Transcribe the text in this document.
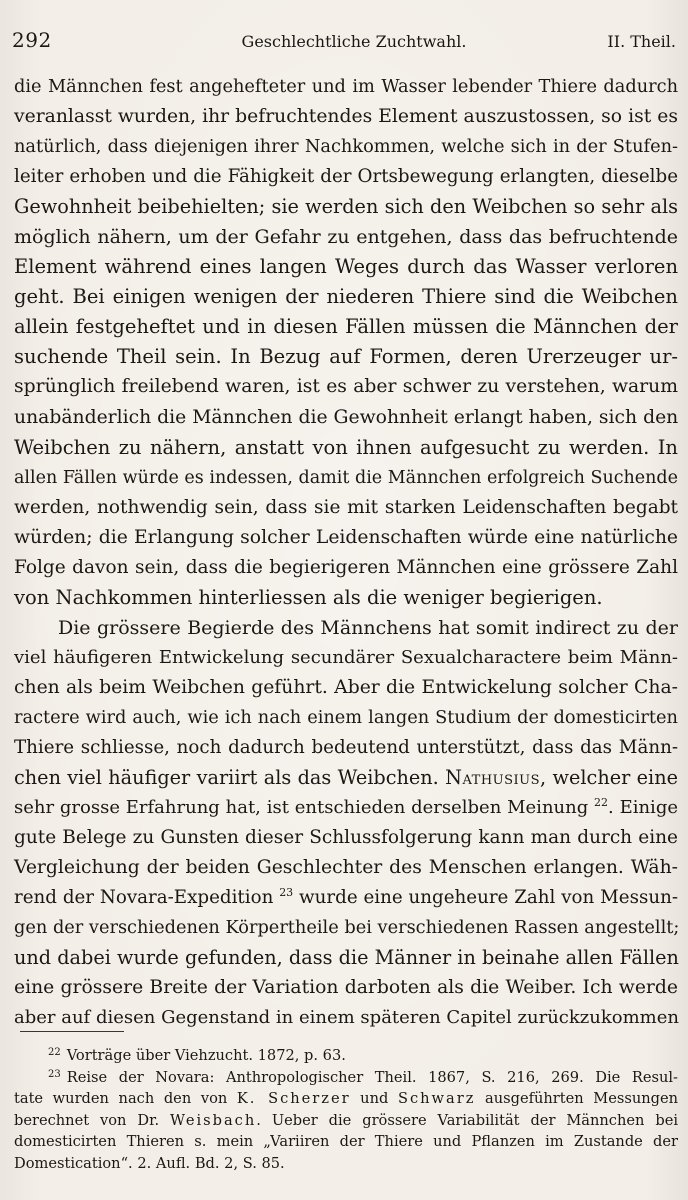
292	Geschlechtliche Zuchtwahl.	II. Theil.
die Männchen fest angehefteter und im Wasser lebender Thiere dadurch
veranlasst wurden, ihr befruchtendes Element auszustossen, so ist es
natürlich, dass diejenigen ihrer Nachkommen, welche sich in der Stufen-
leiter erhoben und die Fähigkeit der Ortsbewegung erlangten, dieselbe
Gewohnheit beibehielten; sie werden sich den Weibchen so sehr als
möglich nähern, um der Gefahr zu entgehen, dass das befruchtende
Element während eines langen Weges durch das Wasser verloren
geht. Bei einigen wenigen der niederen Thiere sind die Weibchen
allein festgeheftet und in diesen Fällen müssen die Männchen der
suchende Theil sein. In Bezug auf Formen, deren Urerzeuger ur-
sprünglich freilebend waren, ist es aber schwer zu verstehen, warum
unabänderlich die Männchen die Gewohnheit erlangt haben, sich den
Weibchen zu nähern, anstatt von ihnen aufgesucht zu werden. In
allen Fällen würde es indessen, damit die Männchen erfolgreich Suchende
werden, nothwendig sein, dass sie mit starken Leidenschaften begabt
würden; die Erlangung solcher Leidenschaften würde eine natürliche
Folge davon sein, dass die begierigeren Männchen eine grössere Zahl
von Nachkommen hinterliessen als die weniger begierigen.
Die grössere Begierde des Männchens hat somit indirect zu der
viel häufigeren Entwickelung secundärer Sexualcharactere beim Männ-
chen als beim Weibchen geführt. Aber die Entwickelung solcher Cha-
ractere wird auch, wie ich nach einem langen Studium der domesticirten
Thiere schliesse, noch dadurch bedeutend unterstützt, dass das Männ-
chen viel häufiger variirt als das Weibchen. Nathusius, welcher eine
sehr grosse Erfahrung hat, ist entschieden derselben Meinung $^{22}$. Einige
gute Belege zu Gunsten dieser Schlussfolgerung kann man durch eine
Vergleichung der beiden Geschlechter des Menschen erlangen. Wäh-
rend der Novara-Expedition $^{23}$ wurde eine ungeheure Zahl von Messun-
gen der verschiedenen Körpertheile bei verschiedenen Rassen angestellt;
und dabei wurde gefunden, dass die Männer in beinahe allen Fällen
eine grössere Breite der Variation darboten als die Weiber. Ich werde
aber auf diesen Gegenstand in einem späteren Capitel zurückzukommen
$^{22}$ Vorträge über Viehzucht. 1872, p. 63.
$^{23}$ Reise der Novara: Anthropologischer Theil. 1867, S. 216, 269. Die Resul-
tate wurden nach den von K. Scherzer und Schwarz ausgeführten Messungen
berechnet von Dr. Weisbach. Ueber die grössere Variabilität der Männchen bei
domesticirten Thieren s. mein „Variiren der Thiere und Pflanzen im Zustande der
Domestication“. 2. Aufl. Bd. 2, S. 85.
